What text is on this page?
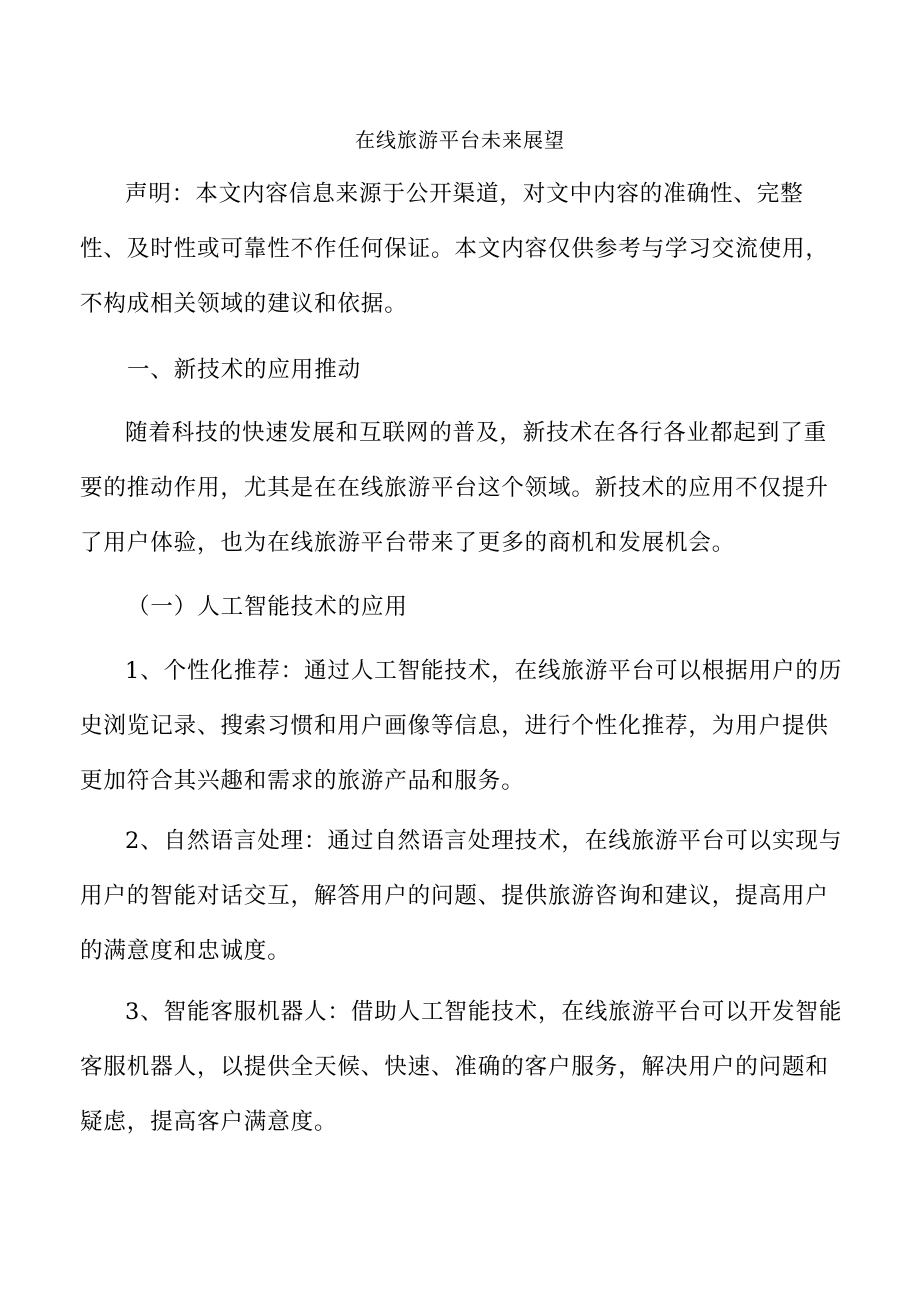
在线旅游平台未来展望

声明：本文内容信息来源于公开渠道，对文中内容的准确性、完整性、及时性或可靠性不作任何保证。本文内容仅供参考与学习交流使用，不构成相关领域的建议和依据。

一、新技术的应用推动

随着科技的快速发展和互联网的普及，新技术在各行各业都起到了重要的推动作用，尤其是在在线旅游平台这个领域。新技术的应用不仅提升了用户体验，也为在线旅游平台带来了更多的商机和发展机会。

（一）人工智能技术的应用

1、个性化推荐：通过人工智能技术，在线旅游平台可以根据用户的历史浏览记录、搜索习惯和用户画像等信息，进行个性化推荐，为用户提供更加符合其兴趣和需求的旅游产品和服务。

2、自然语言处理：通过自然语言处理技术，在线旅游平台可以实现与用户的智能对话交互，解答用户的问题、提供旅游咨询和建议，提高用户的满意度和忠诚度。

3、智能客服机器人：借助人工智能技术，在线旅游平台可以开发智能客服机器人，以提供全天候、快速、准确的客户服务，解决用户的问题和疑虑，提高客户满意度。
